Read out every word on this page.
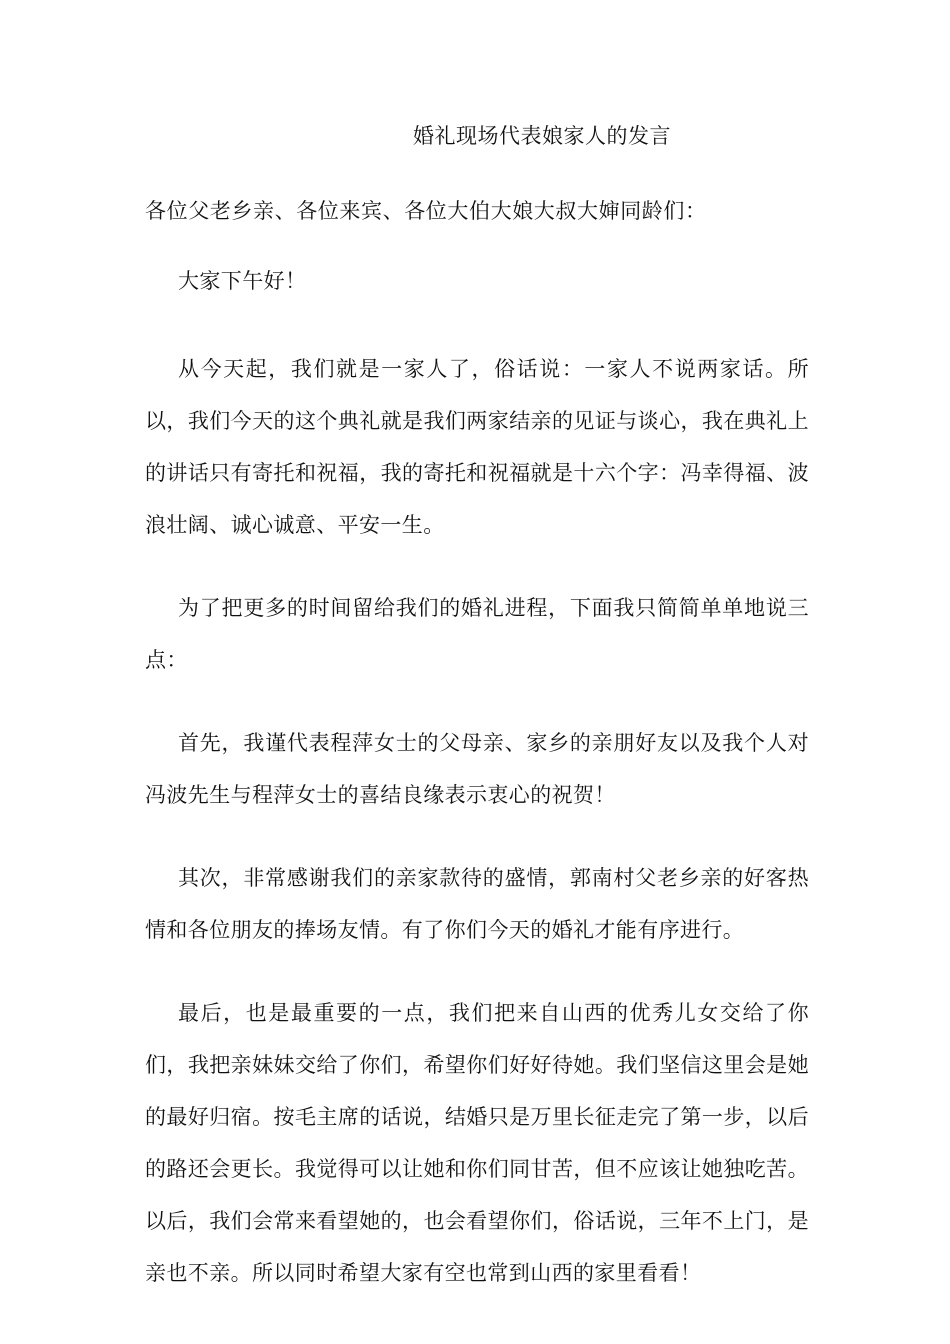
婚礼现场代表娘家人的发言

各位父老乡亲、各位来宾、各位大伯大娘大叔大婶同龄们：

大家下午好！

从今天起，我们就是一家人了，俗话说：一家人不说两家话。所以，我们今天的这个典礼就是我们两家结亲的见证与谈心，我在典礼上的讲话只有寄托和祝福，我的寄托和祝福就是十六个字：冯幸得福、波浪壮阔、诚心诚意、平安一生。

为了把更多的时间留给我们的婚礼进程，下面我只简简单单地说三点：

首先，我谨代表程萍女士的父母亲、家乡的亲朋好友以及我个人对冯波先生与程萍女士的喜结良缘表示衷心的祝贺！

其次，非常感谢我们的亲家款待的盛情，郭南村父老乡亲的好客热情和各位朋友的捧场友情。有了你们今天的婚礼才能有序进行。

最后，也是最重要的一点，我们把来自山西的优秀儿女交给了你们，我把亲妹妹交给了你们，希望你们好好待她。我们坚信这里会是她的最好归宿。按毛主席的话说，结婚只是万里长征走完了第一步，以后的路还会更长。我觉得可以让她和你们同甘苦，但不应该让她独吃苦。以后，我们会常来看望她的，也会看望你们，俗话说，三年不上门，是亲也不亲。所以同时希望大家有空也常到山西的家里看看！
